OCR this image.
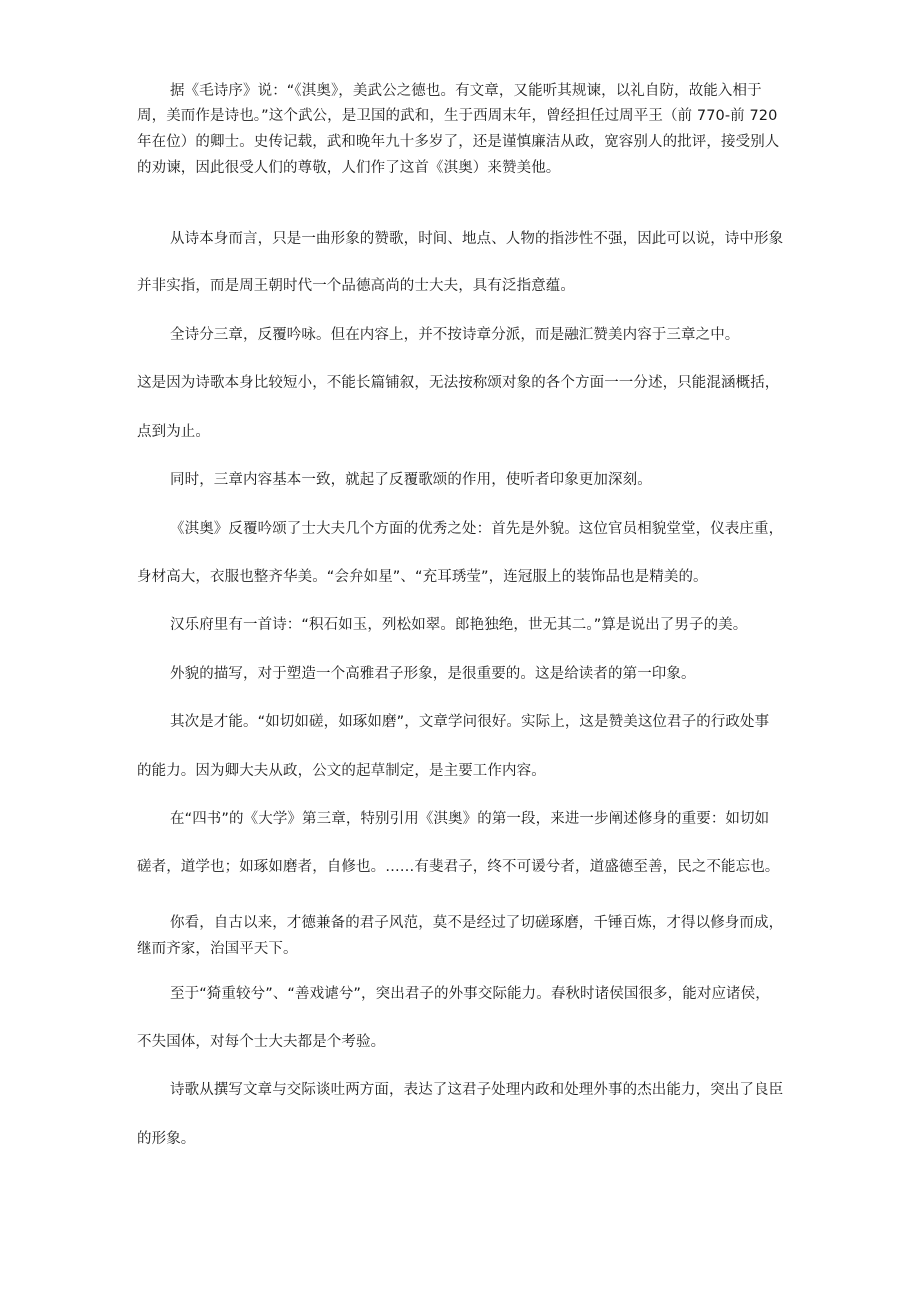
据《毛诗序》说：“《淇奥》，美武公之德也。有文章，又能听其规谏，以礼自防，故能入相于
周，美而作是诗也。”这个武公，是卫国的武和，生于西周末年，曾经担任过周平王（前 770-前 720
年在位）的卿士。史传记载，武和晚年九十多岁了，还是谨慎廉洁从政，宽容别人的批评，接受别人
的劝谏，因此很受人们的尊敬，人们作了这首《淇奥）来赞美他。
从诗本身而言，只是一曲形象的赞歌，时间、地点、人物的指涉性不强，因此可以说，诗中形象
并非实指，而是周王朝时代一个品德高尚的士大夫，具有泛指意蕴。
全诗分三章，反覆吟咏。但在内容上，并不按诗章分派，而是融汇赞美内容于三章之中。
这是因为诗歌本身比较短小，不能长篇铺叙，无法按称颂对象的各个方面一一分述，只能混涵概括，
点到为止。
同时，三章内容基本一致，就起了反覆歌颂的作用，使听者印象更加深刻。
《淇奥》反覆吟颂了士大夫几个方面的优秀之处：首先是外貌。这位官员相貌堂堂，仪表庄重，
身材高大，衣服也整齐华美。“会弁如星”、“充耳琇莹”，连冠服上的装饰品也是精美的。
汉乐府里有一首诗：“积石如玉，列松如翠。郎艳独绝，世无其二。”算是说出了男子的美。
外貌的描写，对于塑造一个高雅君子形象，是很重要的。这是给读者的第一印象。
其次是才能。“如切如磋，如琢如磨”，文章学问很好。实际上，这是赞美这位君子的行政处事
的能力。因为卿大夫从政，公文的起草制定，是主要工作内容。
在“四书”的《大学》第三章，特别引用《淇奥》的第一段，来进一步阐述修身的重要：如切如
磋者，道学也；如琢如磨者，自修也。……有斐君子，终不可谖兮者，道盛德至善，民之不能忘也。
你看，自古以来，才德兼备的君子风范，莫不是经过了切磋琢磨，千锤百炼，才得以修身而成，
继而齐家，治国平天下。
至于“猗重较兮”、“善戏谑兮”，突出君子的外事交际能力。春秋时诸侯国很多，能对应诸侯，
不失国体，对每个士大夫都是个考验。
诗歌从撰写文章与交际谈吐两方面，表达了这君子处理内政和处理外事的杰出能力，突出了良臣
的形象。
